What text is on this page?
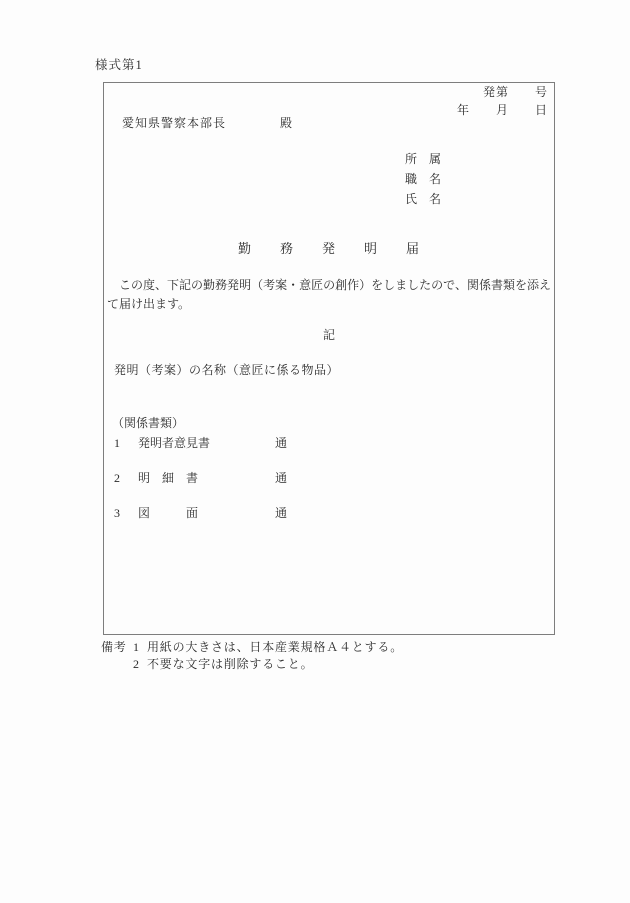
様式第1
発第　　号
年　　月　　日
愛知県警察本部長	殿
所　属
職　名
氏　名
勤　　務　　発　　明　　届
この度、下記の勤務発明（考案・意匠の創作）をしましたので、関係書類を添えて届け出ます。
記
発明（考案）の名称（意匠に係る物品）
（関係書類）
1 発明者意見書	通
2 明　細　書	通
3 図　　　面	通
備考 1 用紙の大きさは、日本産業規格Ａ４とする。
2 不要な文字は削除すること。
